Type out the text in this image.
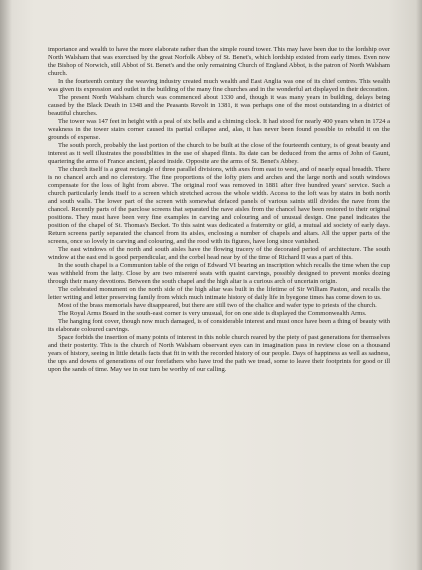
importance and wealth to have the more elaborate rather than the simple round tower. This may have been due to the lordship over North Walsham that was exercised by the great Norfolk Abbey of St. Benet's, which lordship existed from early times. Even now the Bishop of Norwich, still Abbot of St. Benet's and the only remaining Church of England Abbot, is the patron of North Walsham church.

In the fourteenth century the weaving industry created much wealth and East Anglia was one of its chief centres. This wealth was given its expression and outlet in the building of the many fine churches and in the wonderful art displayed in their decoration.

The present North Walsham church was commenced about 1330 and, though it was many years in building, delays being caused by the Black Death in 1348 and the Peasants Revolt in 1381, it was perhaps one of the most outstanding in a district of beautiful churches.

The tower was 147 feet in height with a peal of six bells and a chiming clock. It had stood for nearly 400 years when in 1724 a weakness in the tower stairs corner caused its partial collapse and, alas, it has never been found possible to rebuild it on the grounds of expense.

The south porch, probably the last portion of the church to be built at the close of the fourteenth century, is of great beauty and interest as it well illustrates the possibilities in the use of shaped flints. Its date can be deduced from the arms of John of Gaunt, quartering the arms of France ancient, placed inside. Opposite are the arms of St. Benet's Abbey.

The church itself is a great rectangle of three parallel divisions, with axes from east to west, and of nearly equal breadth. There is no chancel arch and no clerestory. The fine proportions of the lofty piers and arches and the large north and south windows compensate for the loss of light from above. The original roof was removed in 1881 after five hundred years' service. Such a church particularly lends itself to a screen which stretched across the whole width. Access to the loft was by stairs in both north and south walls. The lower part of the screen with somewhat defaced panels of various saints still divides the nave from the chancel. Recently parts of the parclose screens that separated the nave aisles from the chancel have been restored to their original positions. They must have been very fine examples in carving and colouring and of unusual design. One panel indicates the position of the chapel of St. Thomas's Becket. To this saint was dedicated a fraternity or gild, a mutual aid society of early days. Return screens partly separated the chancel from its aisles, enclosing a number of chapels and altars. All the upper parts of the screens, once so lovely in carving and colouring, and the rood with its figures, have long since vanished.

The east windows of the north and south aisles have the flowing tracery of the decorated period of architecture. The south window at the east end is good perpendicular, and the corbel head near by of the time of Richard II was a part of this.

In the south chapel is a Communion table of the reign of Edward VI bearing an inscription which recalls the time when the cup was withheld from the laity. Close by are two misereré seats with quaint carvings, possibly designed to prevent monks dozing through their many devotions. Between the south chapel and the high altar is a curious arch of uncertain origin.

The celebrated monument on the north side of the high altar was built in the lifetime of Sir William Paston, and recalls the letter writing and letter preserving family from which much intimate history of daily life in byegone times has come down to us.

Most of the brass memorials have disappeared, but there are still two of the chalice and wafer type to priests of the church.

The Royal Arms Board in the south-east corner is very unusual, for on one side is displayed the Commonwealth Arms.

The hanging font cover, though now much damaged, is of considerable interest and must once have been a thing of beauty with its elaborate coloured carvings.

Space forbids the insertion of many points of interest in this noble church reared by the piety of past generations for themselves and their posterity. This is the church of North Walsham observant eyes can in imagination pass in review close on a thousand years of history, seeing in little details facts that fit in with the recorded history of our people. Days of happiness as well as sadness, the ups and downs of generations of our forefathers who have trod the path we tread, some to leave their footprints for good or ill upon the sands of time. May we in our turn be worthy of our calling.
